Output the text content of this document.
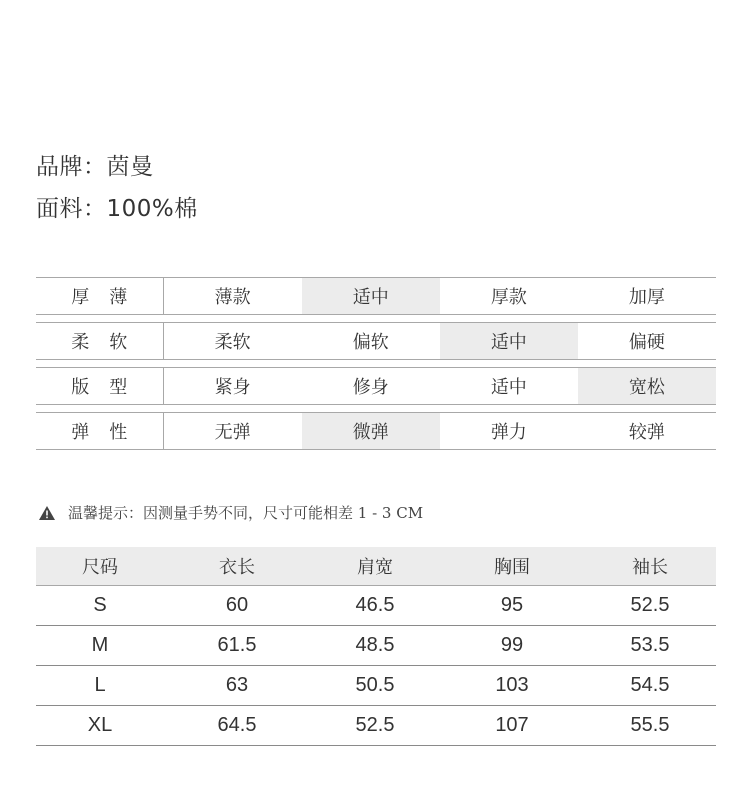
品牌：茵曼
面料：100%棉
厚薄	薄款	适中	厚款	加厚
柔软	柔软	偏软	适中	偏硬
版型	紧身	修身	适中	宽松
弹性	无弹	微弹	弹力	较弹
温馨提示：因测量手势不同，尺寸可能相差 1 - 3 CM
尺码	衣长	肩宽	胸围	袖长
S	60	46.5	95	52.5
M	61.5	48.5	99	53.5
L	63	50.5	103	54.5
XL	64.5	52.5	107	55.5
